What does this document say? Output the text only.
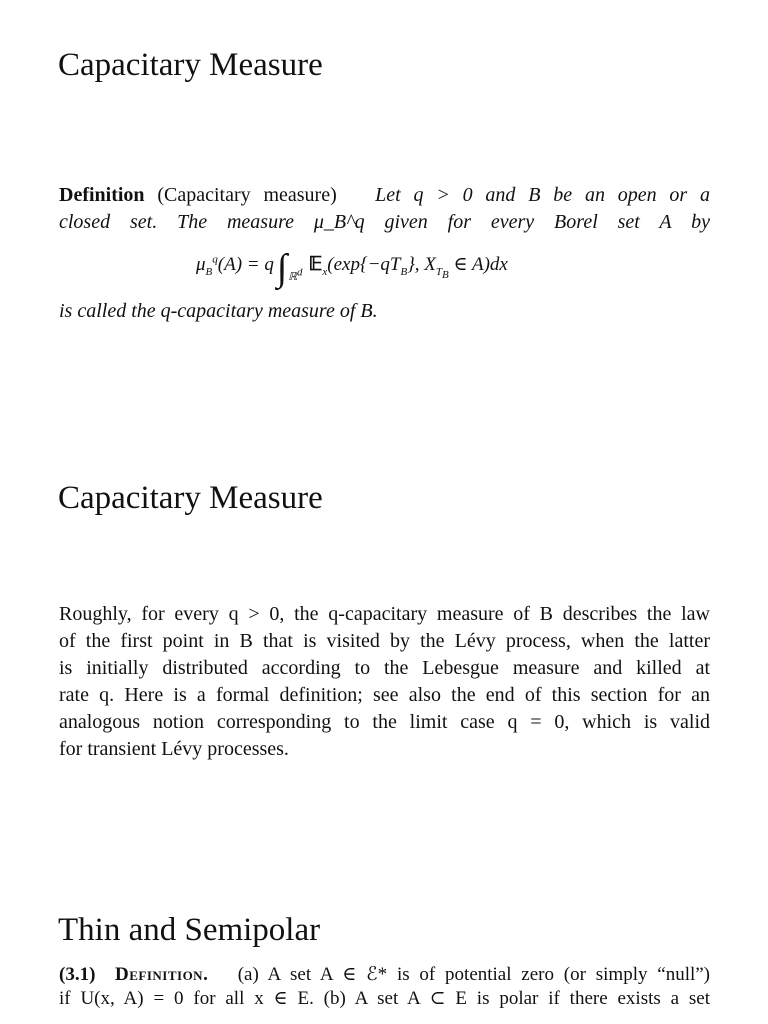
Capacitary Measure
Definition (Capacitary measure) Let q > 0 and B be an open or a
closed set. The measure μ_B^q given for every Borel set A by
$\mu_B^q(A) = q\int_{ℝ^d}$ $𝔼_x(\exp\{-qT_B\}$, $X_{T_B}$ ∈ A)dx
is called the q-capacitary measure of B.
Capacitary Measure
Roughly, for every q > 0, the q-capacitary measure of B describes the law
of the first point in B that is visited by the Lévy process, when the latter
is initially distributed according to the Lebesgue measure and killed at
rate q. Here is a formal definition; see also the end of this section for an
analogous notion corresponding to the limit case q = 0, which is valid
for transient Lévy processes.
Thin and Semipolar
(3.1) Definition. (a) A set A ∈ ℰ* is of potential zero (or simply “null”)
if U(x, A) = 0 for all x ∈ E. (b) A set A ⊂ E is polar if there exists a set
